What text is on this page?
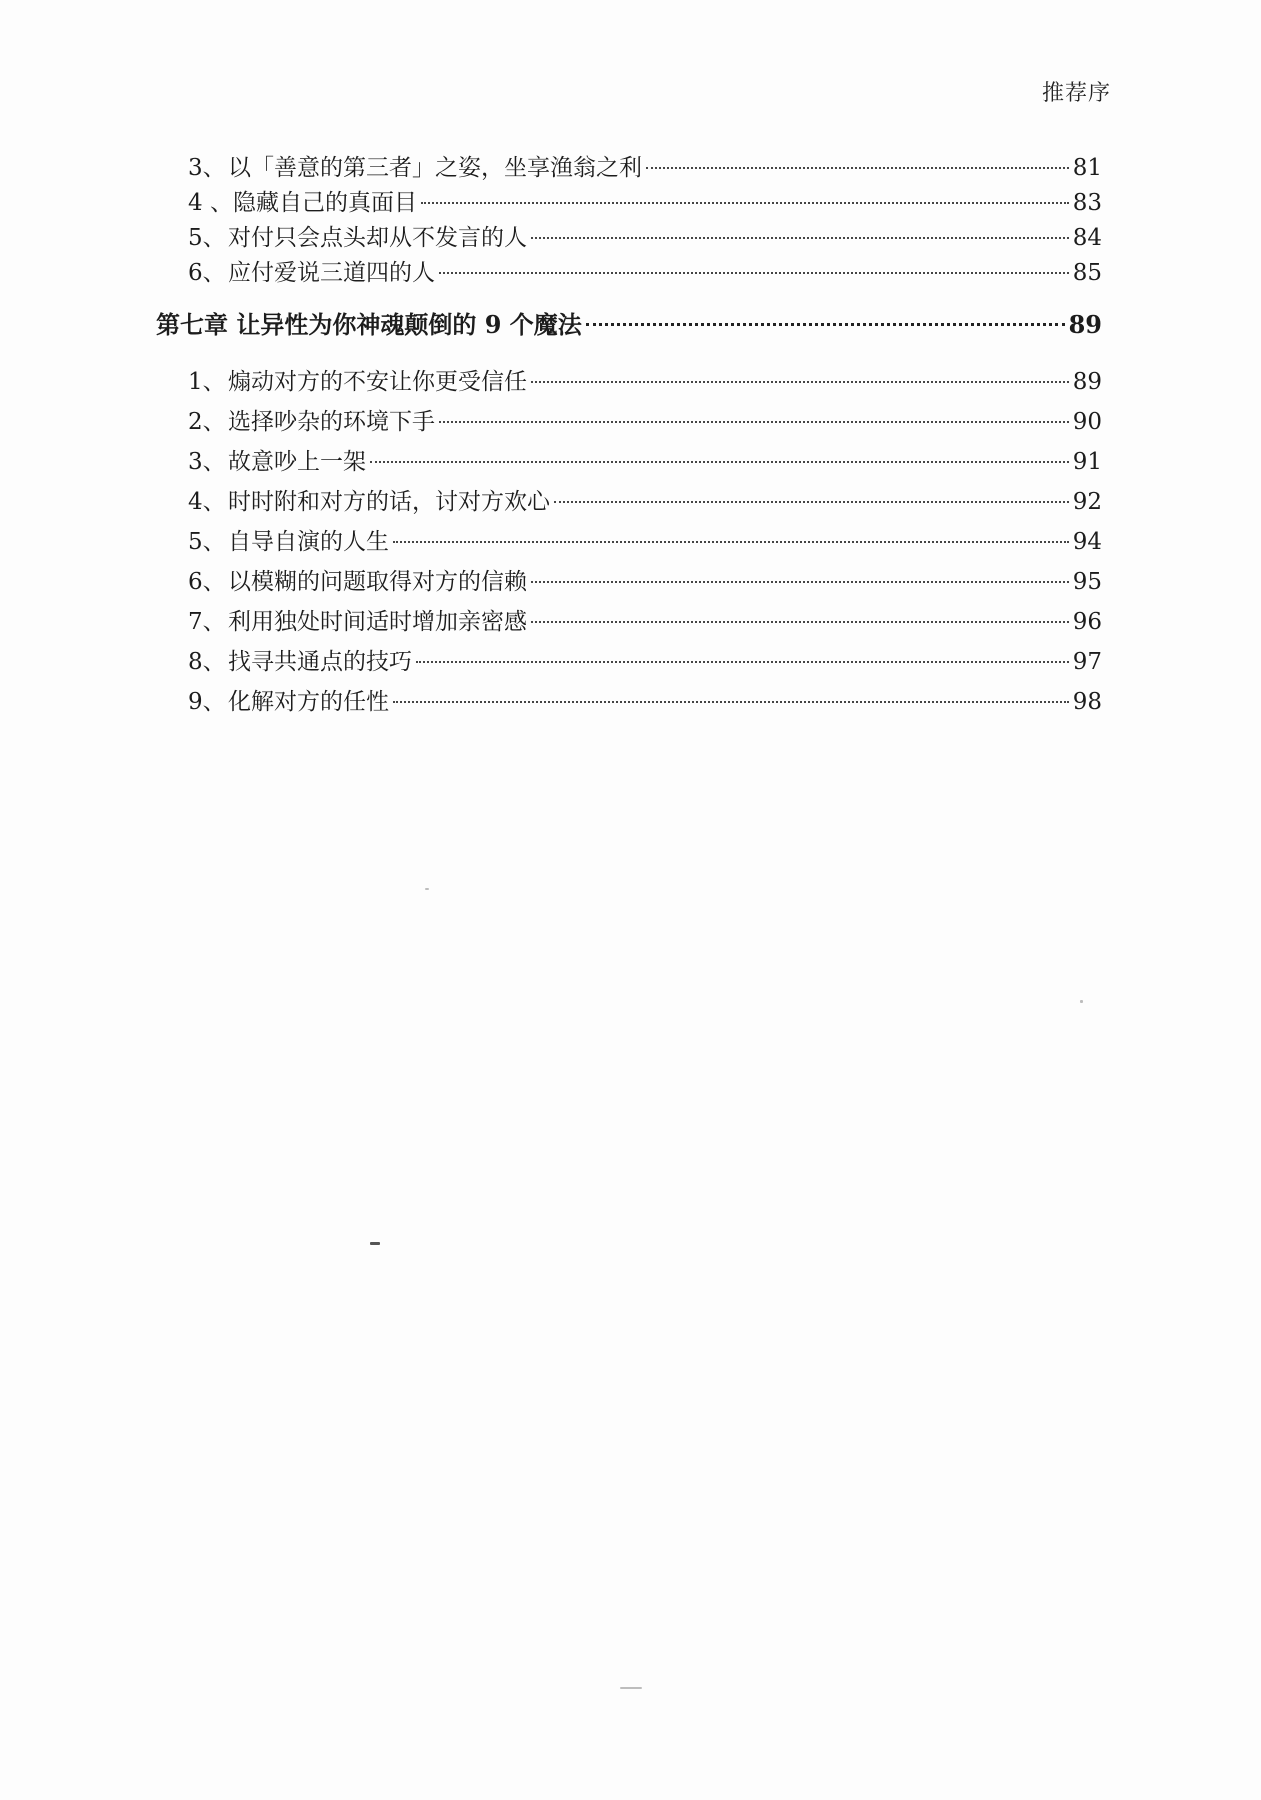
推荐序
3、 以「善意的第三者」之姿，坐享渔翁之利	81
4 、 隐藏自己的真面目	83
5、 对付只会点头却从不发言的人	84
6、 应付爱说三道四的人	85
第七章 让异性为你神魂颠倒的 9 个魔法	89
1、 煽动对方的不安让你更受信任	89
2、 选择吵杂的环境下手	90
3、 故意吵上一架	91
4、 时时附和对方的话，讨对方欢心	92
5、 自导自演的人生	94
6、 以模糊的问题取得对方的信赖	95
7、 利用独处时间适时增加亲密感	96
8、 找寻共通点的技巧	97
9、 化解对方的任性	98
